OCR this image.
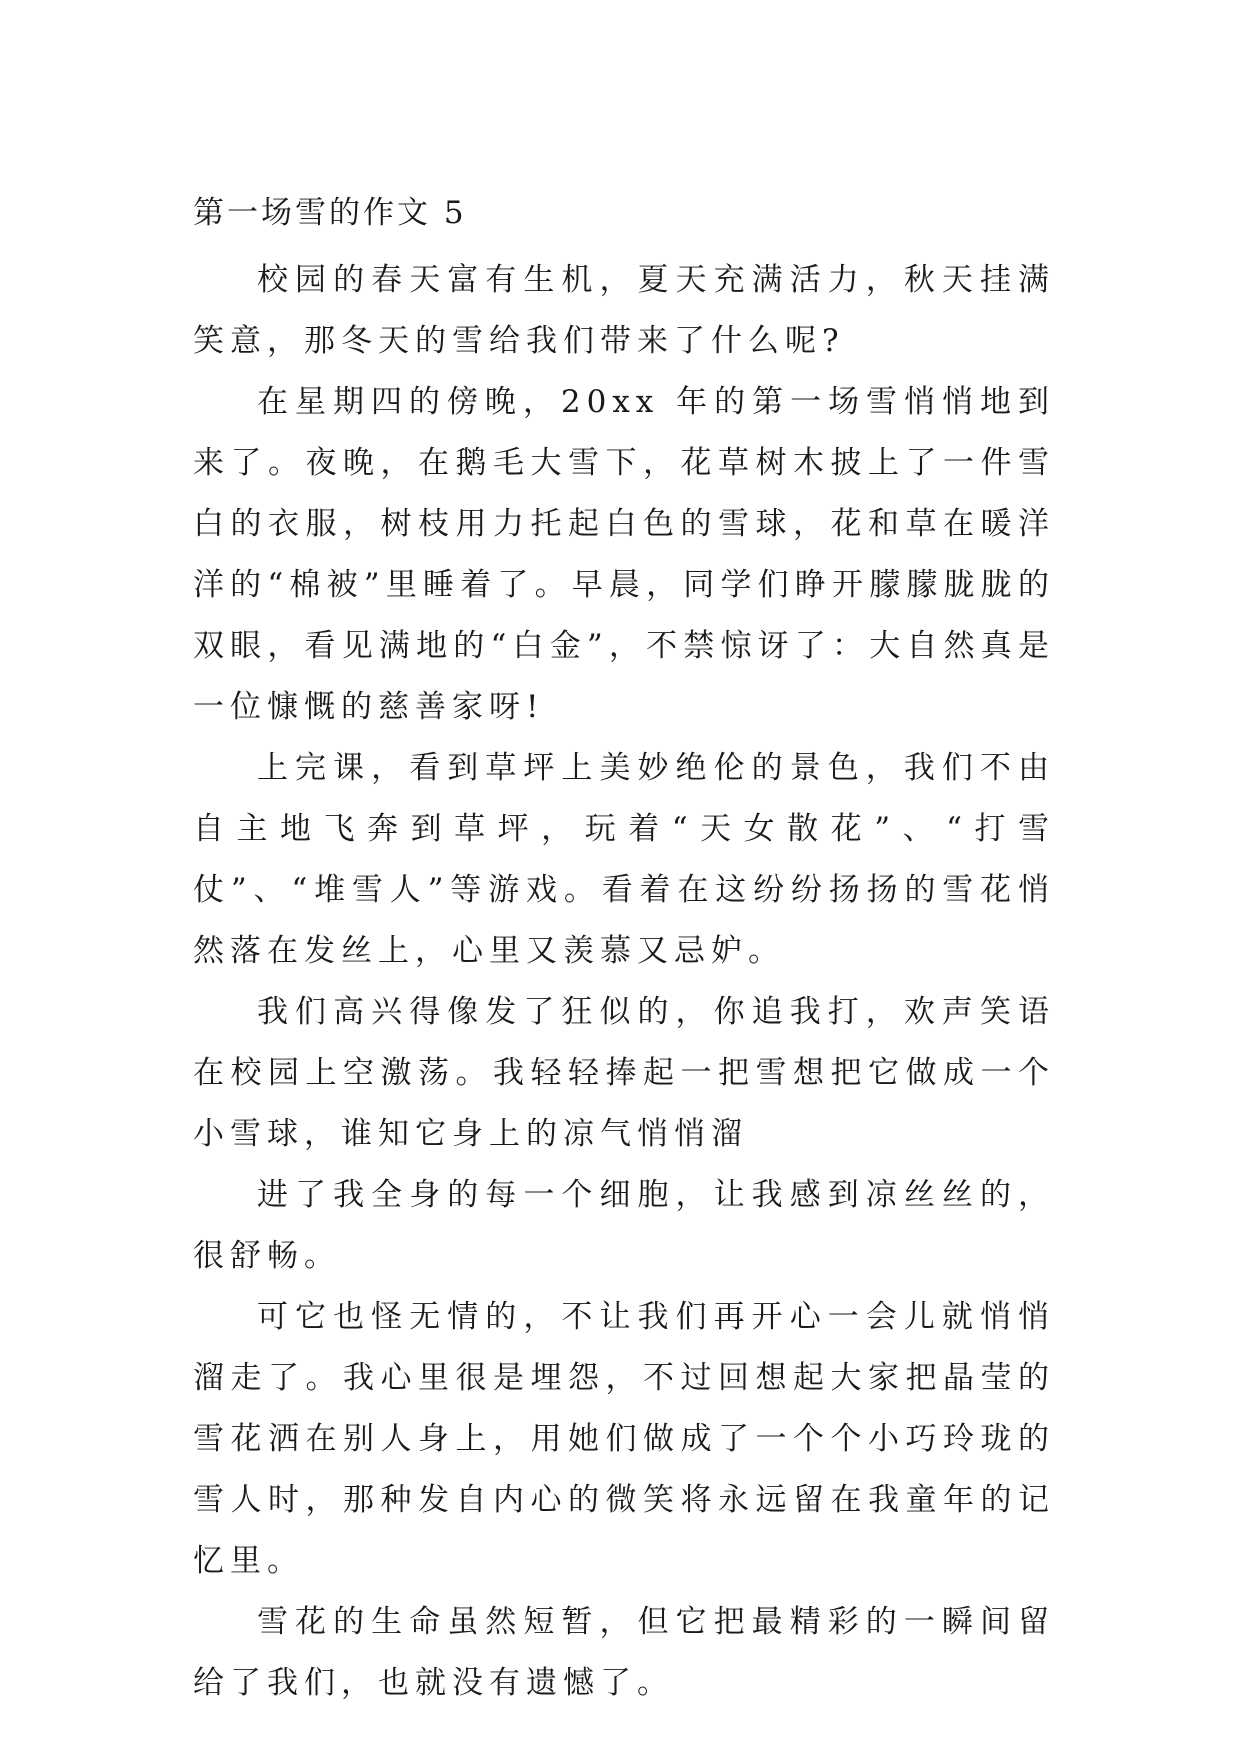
第一场雪的作文 5

校园的春天富有生机，夏天充满活力，秋天挂满笑意，那冬天的雪给我们带来了什么呢?

在星期四的傍晚，20xx 年的第一场雪悄悄地到来了。夜晚，在鹅毛大雪下，花草树木披上了一件雪白的衣服，树枝用力托起白色的雪球，花和草在暖洋洋的“棉被”里睡着了。早晨，同学们睁开朦朦胧胧的双眼，看见满地的“白金”，不禁惊讶了：大自然真是一位慷慨的慈善家呀!

上完课，看到草坪上美妙绝伦的景色，我们不由自主地飞奔到草坪，玩着“天女散花”、“打雪仗”、“堆雪人”等游戏。看着在这纷纷扬扬的雪花悄然落在发丝上，心里又羡慕又忌妒。

我们高兴得像发了狂似的，你追我打，欢声笑语在校园上空激荡。我轻轻捧起一把雪想把它做成一个小雪球，谁知它身上的凉气悄悄溜

进了我全身的每一个细胞，让我感到凉丝丝的，很舒畅。

可它也怪无情的，不让我们再开心一会儿就悄悄溜走了。我心里很是埋怨，不过回想起大家把晶莹的雪花洒在别人身上，用她们做成了一个个小巧玲珑的雪人时，那种发自内心的微笑将永远留在我童年的记忆里。

雪花的生命虽然短暂，但它把最精彩的一瞬间留给了我们，也就没有遗憾了。
